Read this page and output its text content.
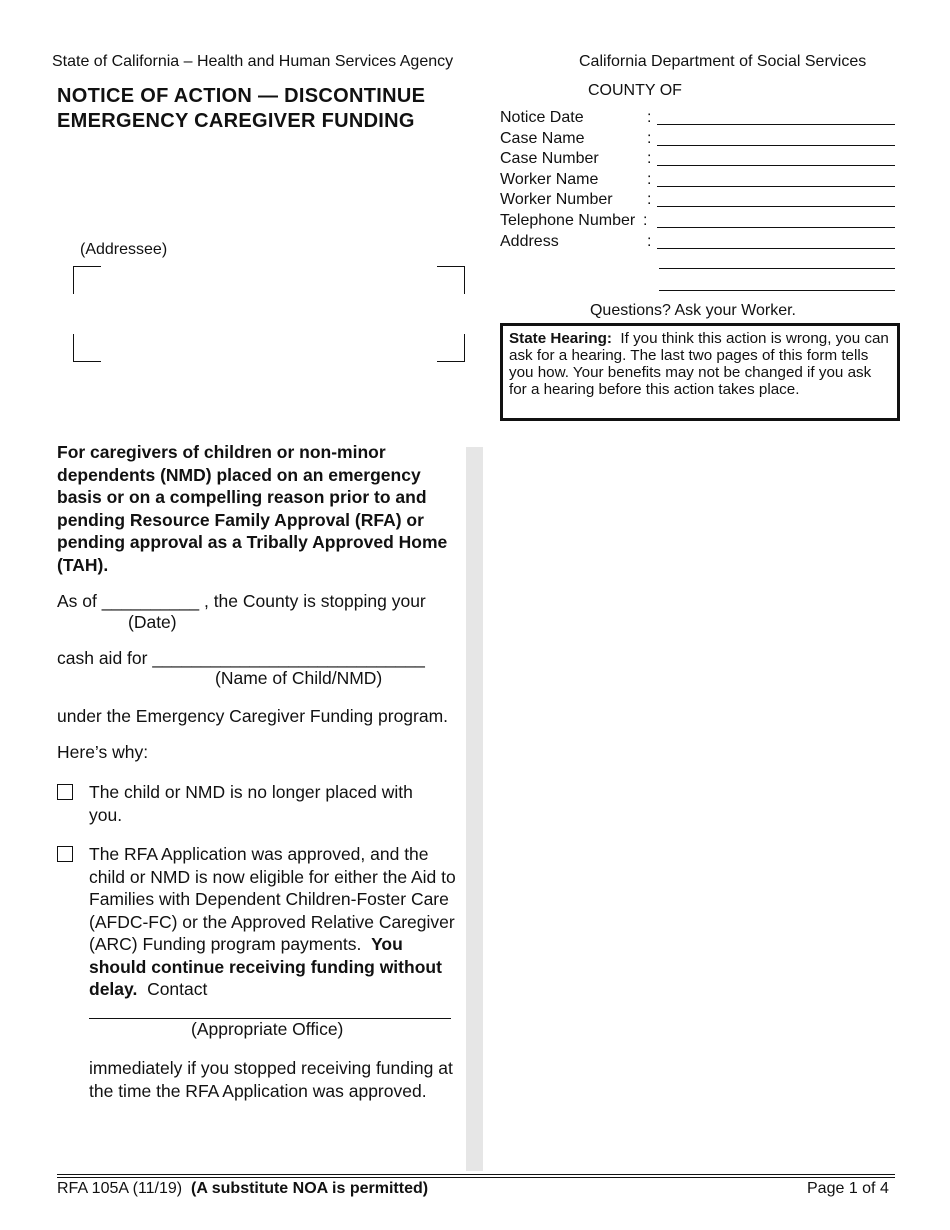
State of California – Health and Human Services Agency	California Department of Social Services
NOTICE OF ACTION — DISCONTINUE
EMERGENCY CAREGIVER FUNDING
COUNTY OF
Notice Date	:
Case Name	:
Case Number	:
Worker Name	:
Worker Number :
Telephone Number :
Address	:
(Addressee)
Questions? Ask your Worker.
State Hearing: If you think this action is wrong, you can ask for a hearing. The last two pages of this form tells you how. Your benefits may not be changed if you ask for a hearing before this action takes place.
For caregivers of children or non-minor dependents (NMD) placed on an emergency basis or on a compelling reason prior to and pending Resource Family Approval (RFA) or pending approval as a Tribally Approved Home (TAH).
As of __________ , the County is stopping your
(Date)
cash aid for ____________________________
(Name of Child/NMD)
under the Emergency Caregiver Funding program.
Here’s why:
The child or NMD is no longer placed with you.
The RFA Application was approved, and the child or NMD is now eligible for either the Aid to Families with Dependent Children-Foster Care (AFDC-FC) or the Approved Relative Caregiver (ARC) Funding program payments. You should continue receiving funding without delay. Contact
(Appropriate Office)
immediately if you stopped receiving funding at the time the RFA Application was approved.
RFA 105A (11/19) (A substitute NOA is permitted)	Page 1 of 4
